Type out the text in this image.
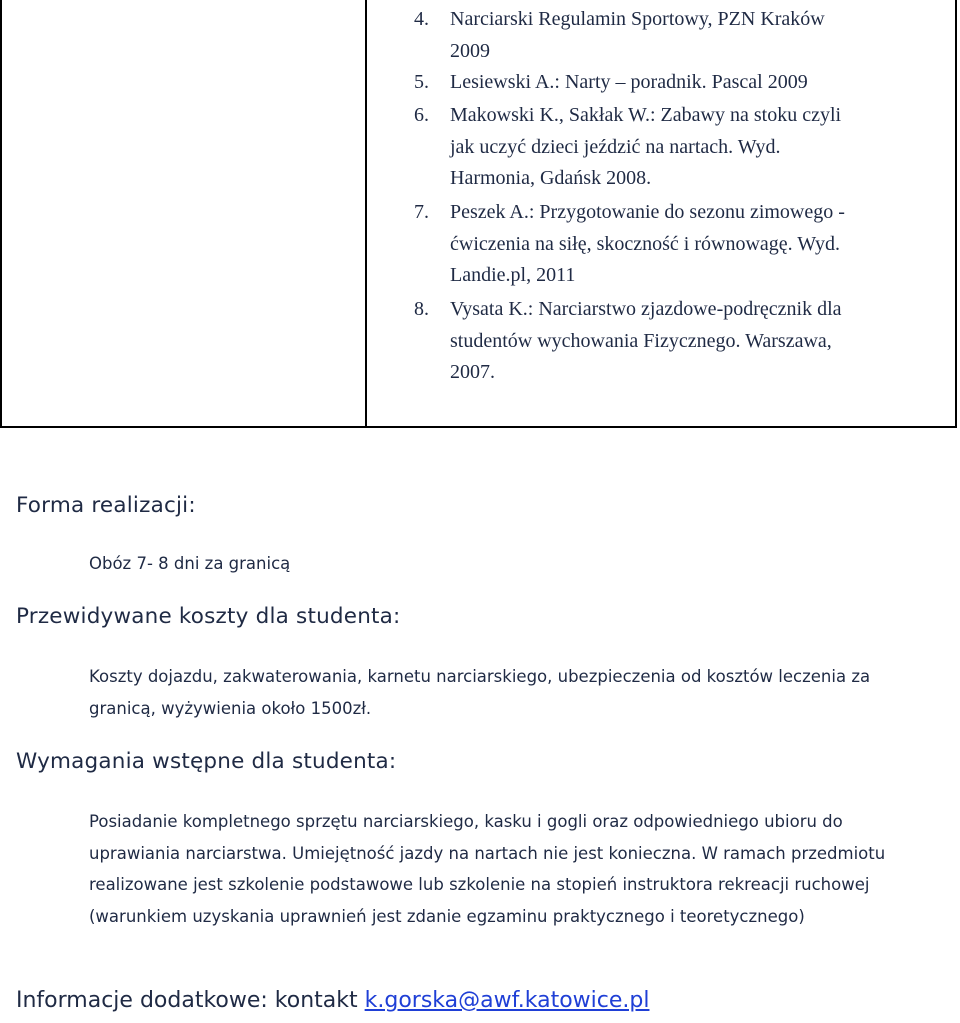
4.	Narciarski Regulamin Sportowy, PZN Kraków
2009
5.	Lesiewski A.: Narty – poradnik. Pascal 2009
6.	Makowski K., Sakłak W.: Zabawy na stoku czyli
jak uczyć dzieci jeździć na nartach. Wyd.
Harmonia, Gdańsk 2008.
7.	Peszek A.: Przygotowanie do sezonu zimowego -
ćwiczenia na siłę, skoczność i równowagę. Wyd.
Landie.pl, 2011
8.	Vysata K.: Narciarstwo zjazdowe-podręcznik dla
studentów wychowania Fizycznego. Warszawa,
2007.
Forma realizacji:
Obóz 7- 8 dni za granicą
Przewidywane koszty dla studenta:
Koszty dojazdu, zakwaterowania, karnetu narciarskiego, ubezpieczenia od kosztów leczenia za granicą, wyżywienia około 1500zł.
Wymagania wstępne dla studenta:
Posiadanie kompletnego sprzętu narciarskiego, kasku i gogli oraz odpowiedniego ubioru do uprawiania narciarstwa. Umiejętność jazdy na nartach nie jest konieczna. W ramach przedmiotu realizowane jest szkolenie podstawowe lub szkolenie na stopień instruktora rekreacji ruchowej (warunkiem uzyskania uprawnień jest zdanie egzaminu praktycznego i teoretycznego)
Informacje dodatkowe: kontakt k.gorska@awf.katowice.pl
